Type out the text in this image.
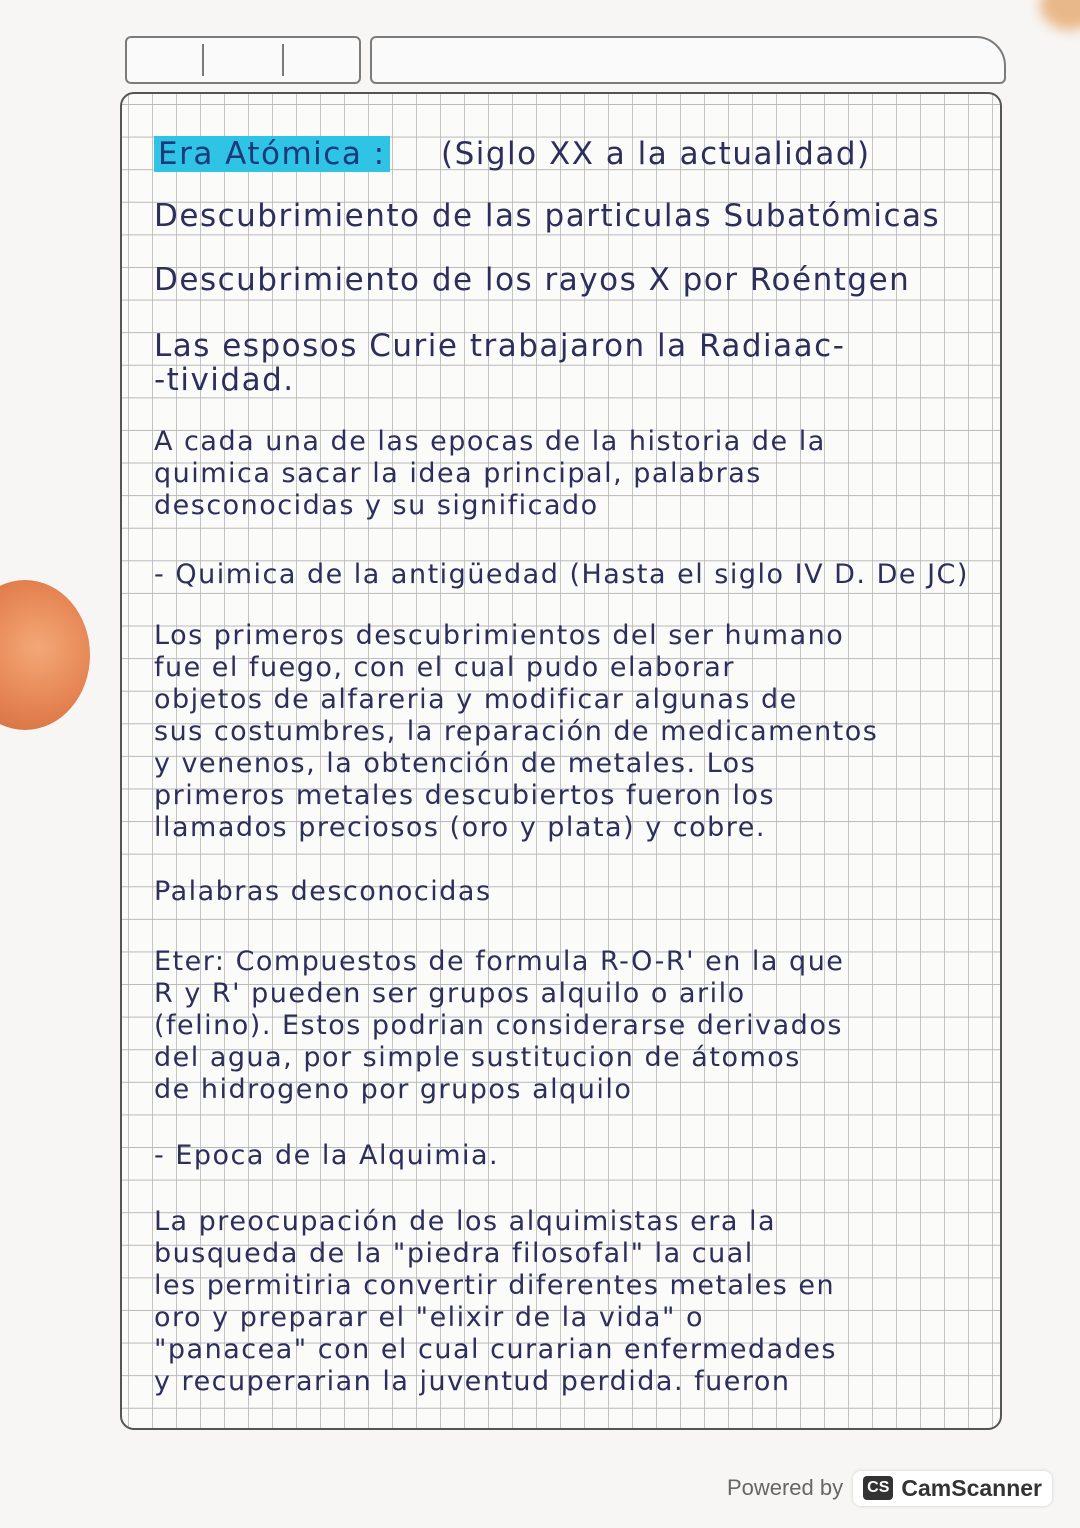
Era Atómica : (Siglo XX a la actualidad)
Descubrimiento de las particulas Subatómicas
Descubrimiento de los rayos X por Roéntgen
Las esposos Curie trabajaron la Radiaac-
-tividad.
A cada una de las epocas de la historia de la
quimica sacar la idea principal, palabras
desconocidas y su significado
- Quimica de la antigüedad (Hasta el siglo IV D. De JC)
Los primeros descubrimientos del ser humano
fue el fuego, con el cual pudo elaborar
objetos de alfareria y modificar algunas de
sus costumbres, la reparación de medicamentos
y venenos, la obtención de metales. Los
primeros metales descubiertos fueron los
llamados preciosos (oro y plata) y cobre.
Palabras desconocidas
Eter: Compuestos de formula R-O-R' en la que
R y R' pueden ser grupos alquilo o arilo
(felino). Estos podrian considerarse derivados
del agua, por simple sustitucion de átomos
de hidrogeno por grupos alquilo
- Epoca de la Alquimia.
La preocupación de los alquimistas era la
busqueda de la "piedra filosofal" la cual
les permitiria convertir diferentes metales en
oro y preparar el "elixir de la vida" o
"panacea" con el cual curarian enfermedades
y recuperarian la juventud perdida. fueron
Powered by CS CamScanner
